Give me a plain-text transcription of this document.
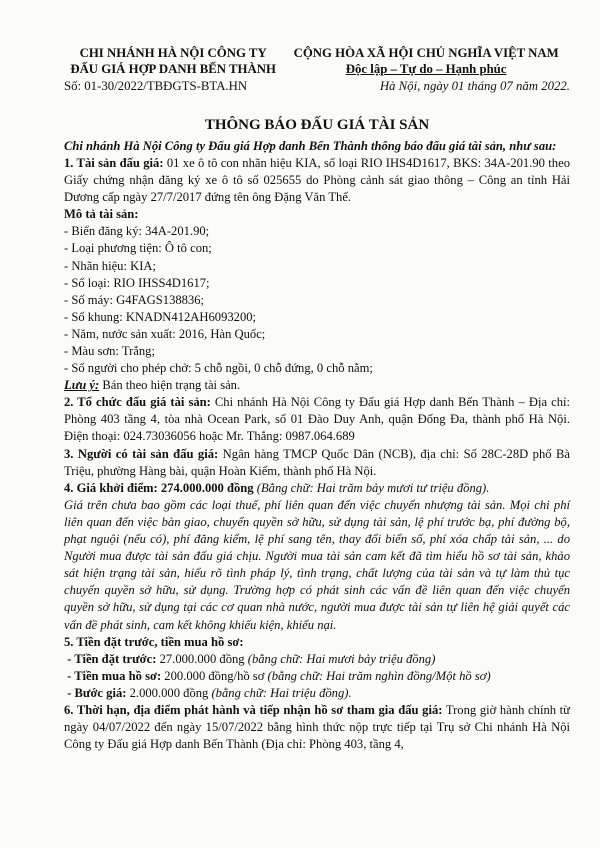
CHI NHÁNH HÀ NỘI CÔNG TY
ĐẤU GIÁ HỢP DANH BẾN THÀNH
Số: 01-30/2022/TBĐGTS-BTA.HN
CỘNG HÒA XÃ HỘI CHỦ NGHĨA VIỆT NAM
Độc lập – Tự do – Hạnh phúc
Hà Nội, ngày 01 tháng 07 năm 2022.
THÔNG BÁO ĐẤU GIÁ TÀI SẢN

Chi nhánh Hà Nội Công ty Đấu giá Hợp danh Bến Thành thông báo đấu giá tài sản, như sau:

1. Tài sản đấu giá: 01 xe ô tô con nhãn hiệu KIA, số loại RIO IHS4D1617, BKS: 34A-201.90 theo Giấy chứng nhận đăng ký xe ô tô số 025655 do Phòng cảnh sát giao thông – Công an tỉnh Hải Dương cấp ngày 27/7/2017 đứng tên ông Đặng Văn Thế.

Mô tả tài sản:

- Biển đăng ký: 34A-201.90;

- Loại phương tiện: Ô tô con;

- Nhãn hiệu: KIA;

- Số loại: RIO IHSS4D1617;

- Số máy: G4FAGS138836;

- Số khung: KNADN412AH6093200;

- Năm, nước sản xuất: 2016, Hàn Quốc;

- Màu sơn: Trắng;

- Số người cho phép chở: 5 chỗ ngồi, 0 chỗ đứng, 0 chỗ nằm;

Lưu ý: Bán theo hiện trạng tài sản.

2. Tổ chức đấu giá tài sản: Chi nhánh Hà Nội Công ty Đấu giá Hợp danh Bến Thành – Địa chỉ: Phòng 403 tầng 4, tòa nhà Ocean Park, số 01 Đào Duy Anh, quận Đống Đa, thành phố Hà Nội. Điện thoại: 024.73036056 hoặc Mr. Thắng: 0987.064.689

3. Người có tài sản đấu giá: Ngân hàng TMCP Quốc Dân (NCB), địa chỉ: Số 28C-28D phố Bà Triệu, phường Hàng bài, quận Hoàn Kiếm, thành phố Hà Nội.

4. Giá khởi điểm: 274.000.000 đồng (Bằng chữ: Hai trăm bảy mươi tư triệu đồng).

Giá trên chưa bao gồm các loại thuế, phí liên quan đến việc chuyển nhượng tài sản. Mọi chi phí liên quan đến việc bàn giao, chuyển quyền sở hữu, sử dụng tài sản, lệ phí trước bạ, phí đường bộ, phạt nguội (nếu có), phí đăng kiểm, lệ phí sang tên, thay đổi biển số, phí xóa chấp tài sản, ... do Người mua được tài sản đấu giá chịu. Người mua tài sản cam kết đã tìm hiểu hồ sơ tài sản, khảo sát hiện trạng tài sản, hiểu rõ tình pháp lý, tình trạng, chất lượng của tài sản và tự làm thủ tục chuyển quyền sở hữu, sử dụng. Trường hợp có phát sinh các vấn đề liên quan đến việc chuyển quyền sở hữu, sử dụng tại các cơ quan nhà nước, người mua được tài sản tự liên hệ giải quyết các vấn đề phát sinh, cam kết không khiếu kiện, khiếu nại.

5. Tiền đặt trước, tiền mua hồ sơ:

- Tiền đặt trước: 27.000.000 đồng (bằng chữ: Hai mươi bảy triệu đồng)

- Tiền mua hồ sơ: 200.000 đồng/hồ sơ (bằng chữ: Hai trăm nghìn đồng/Một hồ sơ)

- Bước giá: 2.000.000 đồng (bằng chữ: Hai triệu đồng).

6. Thời hạn, địa điểm phát hành và tiếp nhận hồ sơ tham gia đấu giá: Trong giờ hành chính từ ngày 04/07/2022 đến ngày 15/07/2022 bằng hình thức nộp trực tiếp tại Trụ sở Chi nhánh Hà Nội Công ty Đấu giá Hợp danh Bến Thành (Địa chỉ: Phòng 403, tầng 4,
